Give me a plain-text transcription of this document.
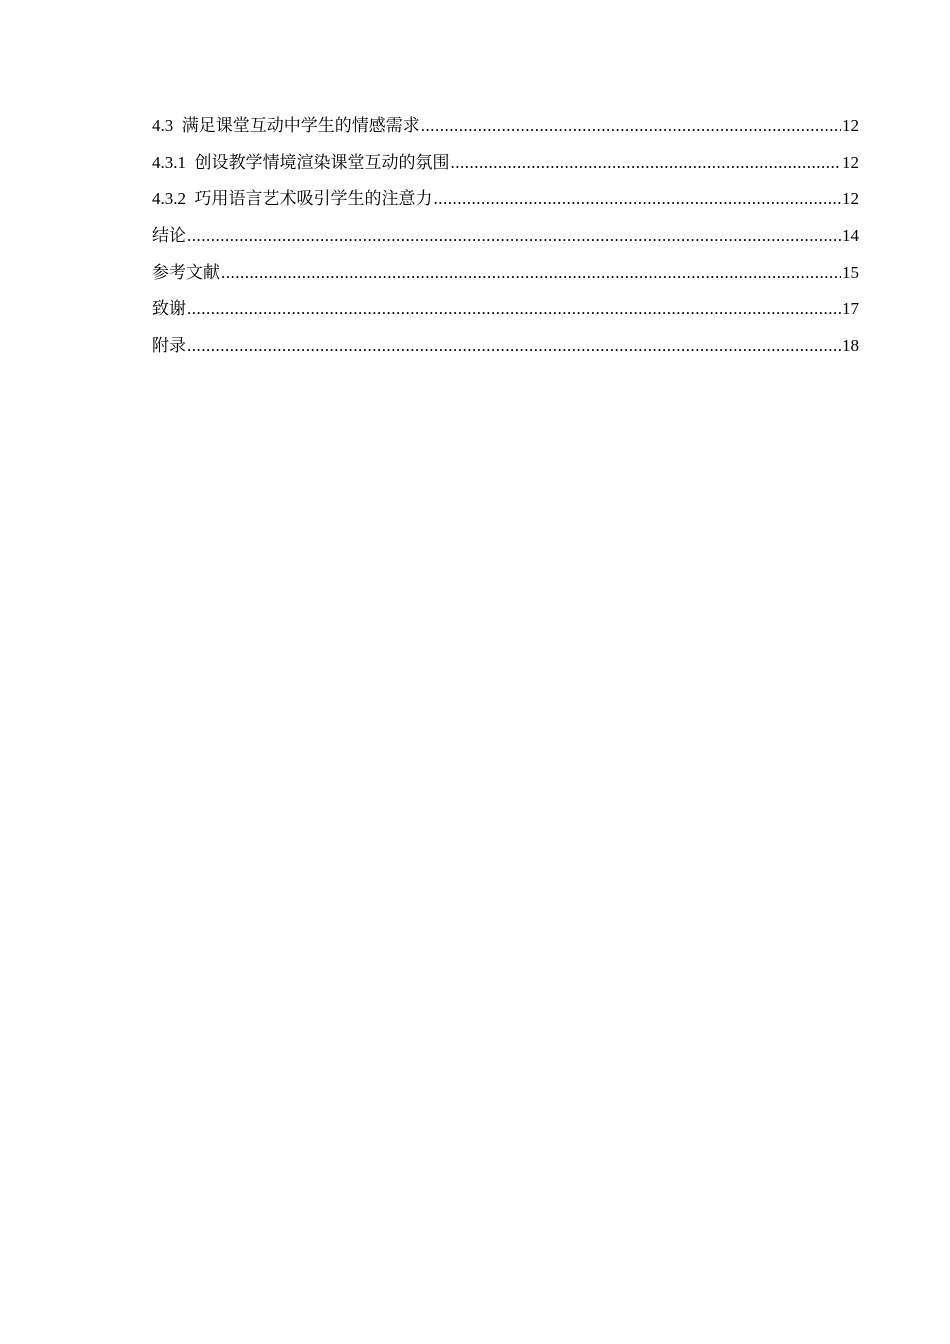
4.3 满足课堂互动中学生的情感需求 .....	12
4.3.1 创设教学情境渲染课堂互动的氛围 .....	12
4.3.2 巧用语言艺术吸引学生的注意力 .....	12
结论 .....	14
参考文献 .....	15
致谢 .....	17
附录 .....	18
